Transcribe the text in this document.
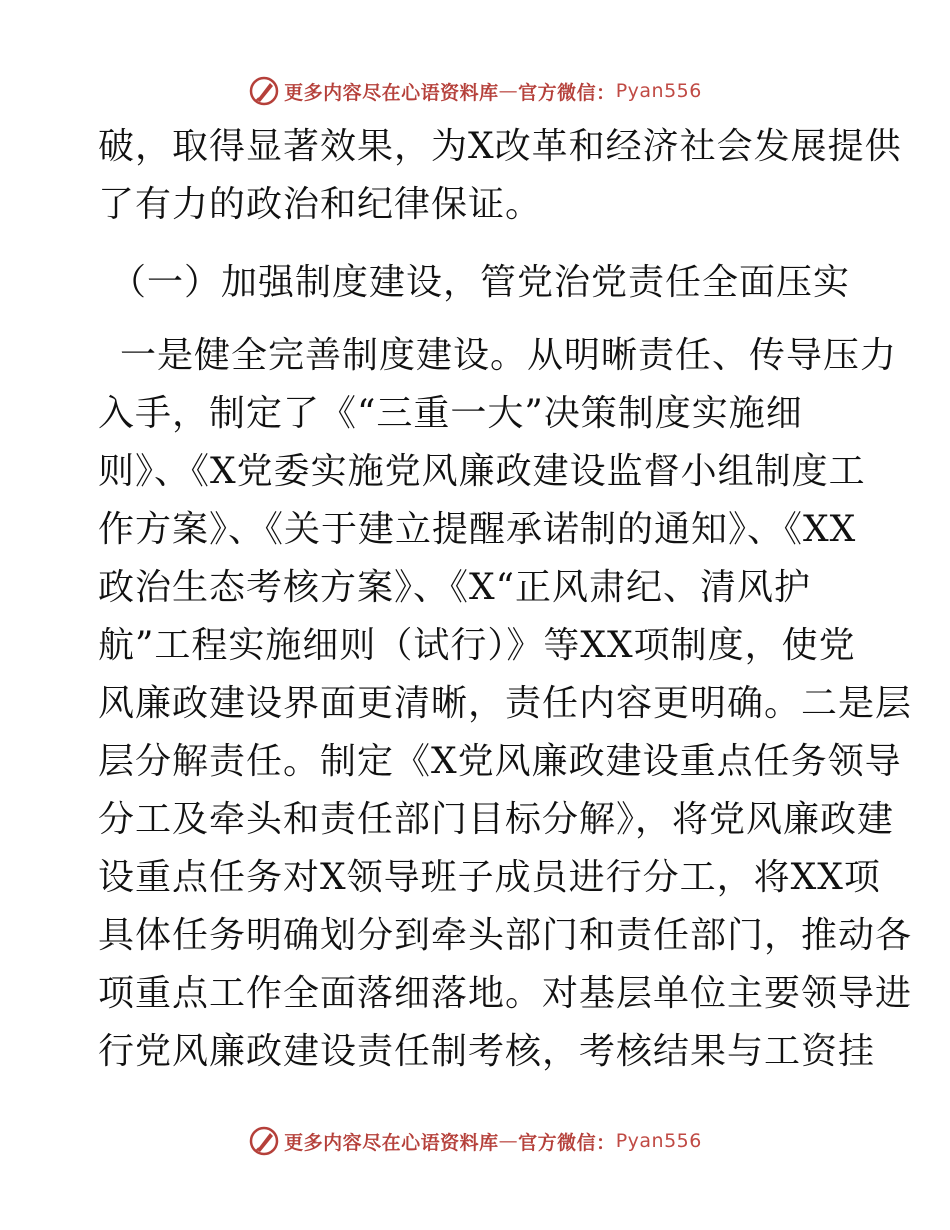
更多内容尽在心语资料库 — 官方微信： Pyan556
破，取得显著效果，为X改革和经济社会发展提供
了有力的政治和纪律保证。
（一）加强制度建设，管党治党责任全面压实
一是健全完善制度建设。从明晰责任、传导压力
入手，制定了《“三重一大”决策制度实施细
则》、《X党委实施党风廉政建设监督小组制度工
作方案》、《关于建立提醒承诺制的通知》、《XX
政治生态考核方案》、《X“正风肃纪、清风护
航”工程实施细则（试行）》等XX项制度，使党
风廉政建设界面更清晰，责任内容更明确。二是层
层分解责任。制定《X党风廉政建设重点任务领导
分工及牵头和责任部门目标分解》，将党风廉政建
设重点任务对X领导班子成员进行分工，将XX项
具体任务明确划分到牵头部门和责任部门，推动各
项重点工作全面落细落地。对基层单位主要领导进
行党风廉政建设责任制考核，考核结果与工资挂
更多内容尽在心语资料库 — 官方微信： Pyan556
